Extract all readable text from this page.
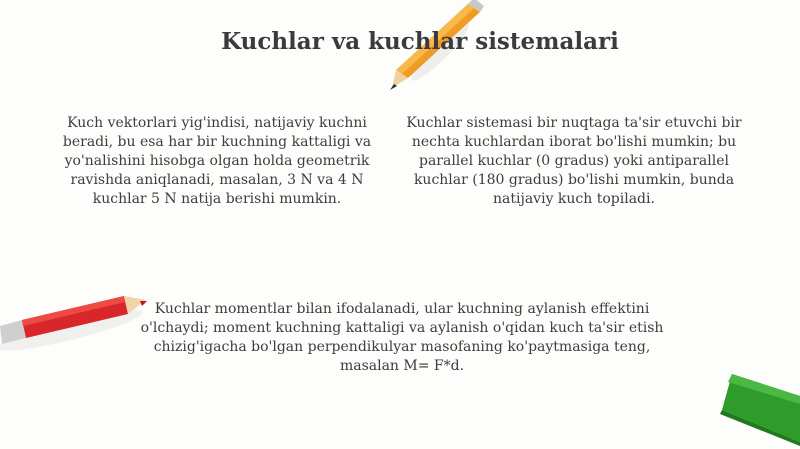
Kuchlar va kuchlar sistemalari
Kuch vektorlari yig'indisi, natijaviy kuchni beradi, bu esa har bir kuchning kattaligi va yo'nalishini hisobga olgan holda geometrik ravishda aniqlanadi, masalan, 3 N va 4 N kuchlar 5 N natija berishi mumkin.
Kuchlar sistemasi bir nuqtaga ta'sir etuvchi bir nechta kuchlardan iborat bo'lishi mumkin; bu parallel kuchlar (0 gradus) yoki antiparallel kuchlar (180 gradus) bo'lishi mumkin, bunda natijaviy kuch topiladi.
Kuchlar momentlar bilan ifodalanadi, ular kuchning aylanish effektini o'lchaydi; moment kuchning kattaligi va aylanish o'qidan kuch ta'sir etish chizig'igacha bo'lgan perpendikulyar masofaning ko'paytmasiga teng, masalan M= F*d.
